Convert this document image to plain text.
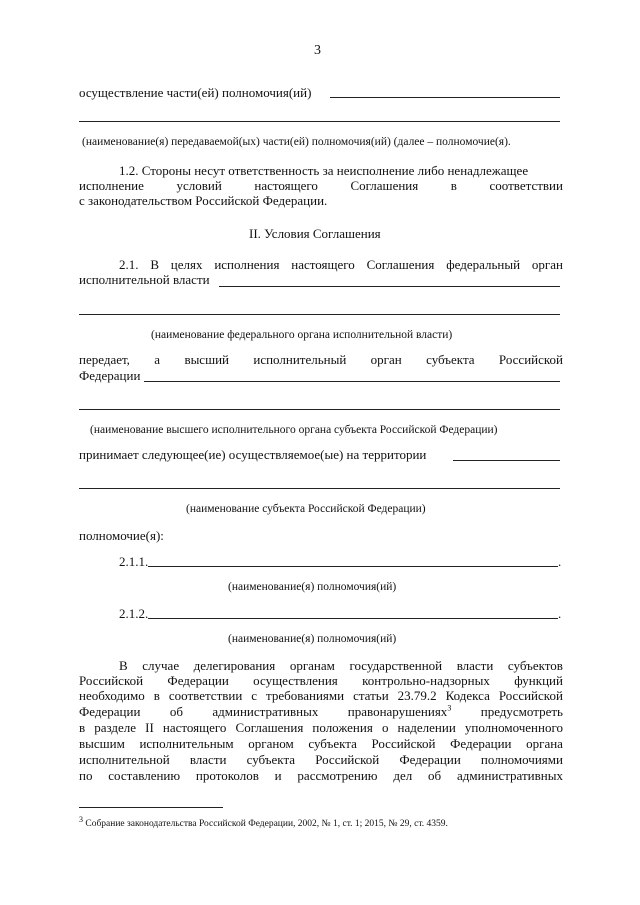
3
осуществление части(ей) полномочия(ий)
(наименование(я) передаваемой(ых) части(ей) полномочия(ий) (далее – полномочие(я).
1.2. Стороны несут ответственность за неисполнение либо ненадлежащее
исполнение	условий	настоящего	Соглашения	в	соответствии
с законодательством Российской Федерации.
II. Условия Соглашения
2.1. В целях исполнения настоящего Соглашения федеральный орган
исполнительной власти
(наименование федерального органа исполнительной власти)
передает, а высший исполнительный орган субъекта Российской
Федерации
(наименование высшего исполнительного органа субъекта Российской Федерации)
принимает следующее(ие) осуществляемое(ые) на территории
(наименование субъекта Российской Федерации)
полномочие(я):
2.1.1.	.
(наименование(я) полномочия(ий)
2.1.2.	.
(наименование(я) полномочия(ий)
В случае делегирования органам государственной власти субъектов
Российской Федерации осуществления контрольно-надзорных функций
необходимо в соответствии с требованиями статьи 23.79.2 Кодекса Российской
Федерации об административных правонарушениях$^3$ предусмотреть
в разделе II настоящего Соглашения положения о наделении уполномоченного
высшим исполнительным органом субъекта Российской Федерации органа
исполнительной власти субъекта Российской Федерации полномочиями
по составлению протоколов и рассмотрению дел об административных
$^3$ Собрание законодательства Российской Федерации, 2002, № 1, ст. 1; 2015, № 29, ст. 4359.
